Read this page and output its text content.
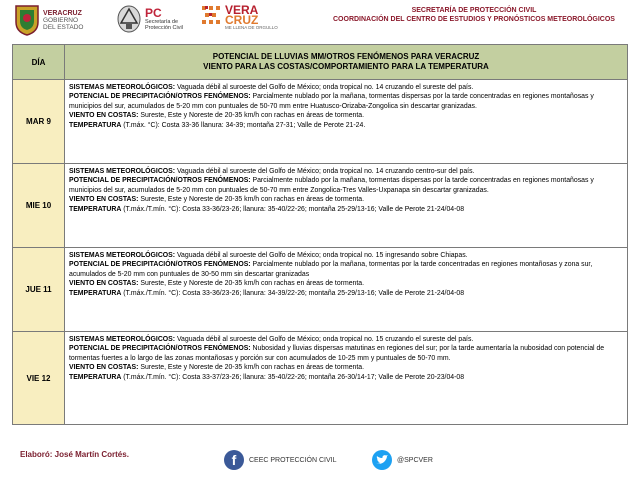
VERACRUZ
GOBIERNO
DEL ESTADO
PC
Secretaría de
Protección Civil
VERA
CRUZ
ME LLENA DE ORGULLO
SECRETARÍA DE PROTECCIÓN CIVIL
COORDINACIÓN DEL CENTRO DE ESTUDIOS Y PRONÓSTICOS METEOROLÓGICOS
DÍA
POTENCIAL DE LLUVIAS MM/OTROS FENÓMENOS PARA VERACRUZ
VIENTO PARA LAS COSTAS/COMPORTAMIENTO PARA LA TEMPERATURA
MAR 9
SISTEMAS METEOROLÓGICOS: Vaguada débil al suroeste del Golfo de México; onda tropical no. 14 cruzando el sureste del país.
POTENCIAL DE PRECIPITACIÓN/OTROS FENÓMENOS: Parcialmente nublado por la mañana, tormentas dispersas por la tarde concentradas en regiones montañosas y municipios del sur, acumulados de 5-20 mm con puntuales de 50-70 mm entre Huatusco-Orizaba-Zongolica sin descartar granizadas.
VIENTO EN COSTAS: Sureste, Este y Noreste de 20-35 km/h con rachas en áreas de tormenta.
TEMPERATURA (T.máx. °C): Costa 33-36 llanura: 34-39; montaña 27-31; Valle de Perote 21-24.
MIE 10
SISTEMAS METEOROLÓGICOS: Vaguada débil al suroeste del Golfo de México; onda tropical no. 14 cruzando centro-sur del país.
POTENCIAL DE PRECIPITACIÓN/OTROS FENÓMENOS: Parcialmente nublado por la mañana, tormentas dispersas por la tarde concentradas en regiones montañosas y municipios del sur, acumulados de 5-20 mm con puntuales de 50-70 mm entre Zongolica-Tres Valles-Uxpanapa sin descartar granizadas.
VIENTO EN COSTAS: Sureste, Este y Noreste de 20-35 km/h con rachas en áreas de tormenta.
TEMPERATURA (T.máx./T.mín. °C): Costa 33-36/23-26; llanura: 35-40/22-26; montaña 25-29/13-16; Valle de Perote 21-24/04-08
JUE 11
SISTEMAS METEOROLÓGICOS: Vaguada débil al suroeste del Golfo de México; onda tropical no. 15 ingresando sobre Chiapas.
POTENCIAL DE PRECIPITACIÓN/OTROS FENÓMENOS: Parcialmente nublado por la mañana, tormentas por la tarde concentradas en regiones montañosas y zona sur, acumulados de 5-20 mm con puntuales de 30-50 mm sin descartar granizadas
VIENTO EN COSTAS: Sureste, Este y Noreste de 20-35 km/h con rachas en áreas de tormenta.
TEMPERATURA (T.máx./T.mín. °C): Costa 33-36/23-26; llanura: 34-39/22-26; montaña 25-29/13-16; Valle de Perote 21-24/04-08
VIE 12
SISTEMAS METEOROLÓGICOS: Vaguada débil al suroeste del Golfo de México; onda tropical no. 15 cruzando el sureste del país.
POTENCIAL DE PRECIPITACIÓN/OTROS FENÓMENOS: Nubosidad y lluvias dispersas matutinas en regiones del sur; por la tarde aumentaría la nubosidad con potencial de tormentas fuertes a lo largo de las zonas montañosas y porción sur con acumulados de 10-25 mm y puntuales de 50-70 mm.
VIENTO EN COSTAS: Sureste, Este y Noreste de 20-35 km/h con rachas en áreas de tormenta.
TEMPERATURA (T.máx./T.mín. °C): Costa 33-37/23-26; llanura: 35-40/22-26; montaña 26-30/14-17; Valle de Perote 20-23/04-08
Elaboró: José Martín Cortés.	f	CEEC PROTECCIÓN CIVIL	@SPCVER
